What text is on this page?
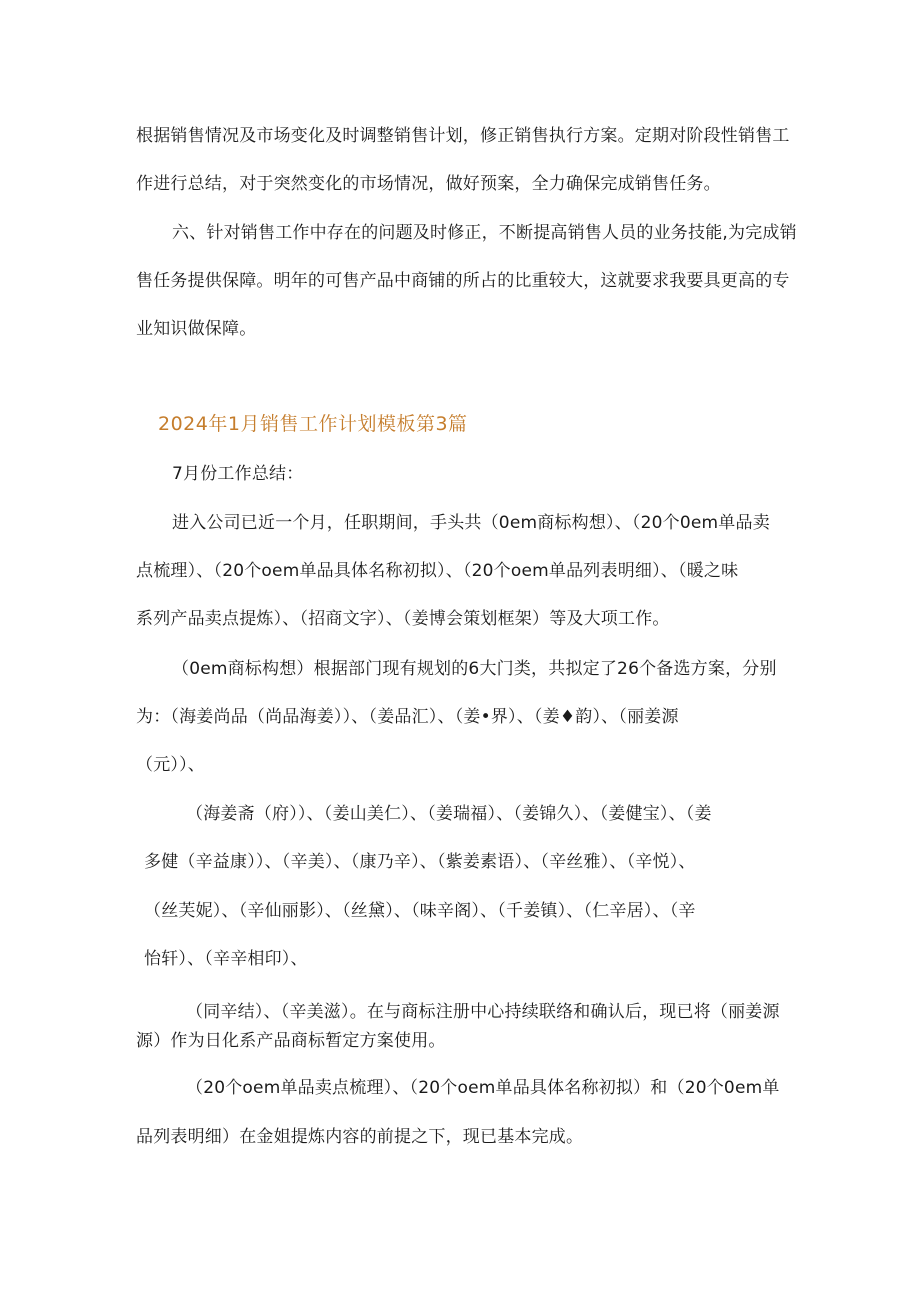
根据销售情况及市场变化及时调整销售计划，修正销售执行方案。定期对阶段性销售工
作进行总结，对于突然变化的市场情况，做好预案，全力确保完成销售任务。
六、针对销售工作中存在的问题及时修正，不断提高销售人员的业务技能,为完成销
售任务提供保障。明年的可售产品中商铺的所占的比重较大，这就要求我要具更高的专
业知识做保障。
2024年1月销售工作计划模板第3篇
7月份工作总结：
进入公司已近一个月，任职期间，手头共（0em商标构想）、（20个0em单品卖
点梳理）、（20个oem单品具体名称初拟）、（20个oem单品列表明细）、（暖之味
系列产品卖点提炼）、（招商文字）、（姜博会策划框架）等及大项工作。
（0em商标构想）根据部门现有规划的6大门类，共拟定了26个备选方案，分别
为：（海姜尚品（尚品海姜））、（姜品汇）、（姜•界）、（姜♦韵）、（丽姜源
（元））、
（海姜斋（府））、（姜山美仁）、（姜瑞福）、（姜锦久）、（姜健宝）、（姜
多健（辛益康））、（辛美）、（康乃辛）、（紫姜素语）、（辛丝雅）、（辛悦）、
（丝芙妮）、（辛仙丽影）、（丝黛）、（味辛阁）、（千姜镇）、（仁辛居）、（辛
怡轩）、（辛辛相印）、
（同辛结）、（辛美滋）。在与商标注册中心持续联络和确认后，现已将（丽姜源
源）作为日化系产品商标暂定方案使用。
（20个oem单品卖点梳理）、（20个oem单品具体名称初拟）和（20个0em单
品列表明细）在金姐提炼内容的前提之下，现已基本完成。
